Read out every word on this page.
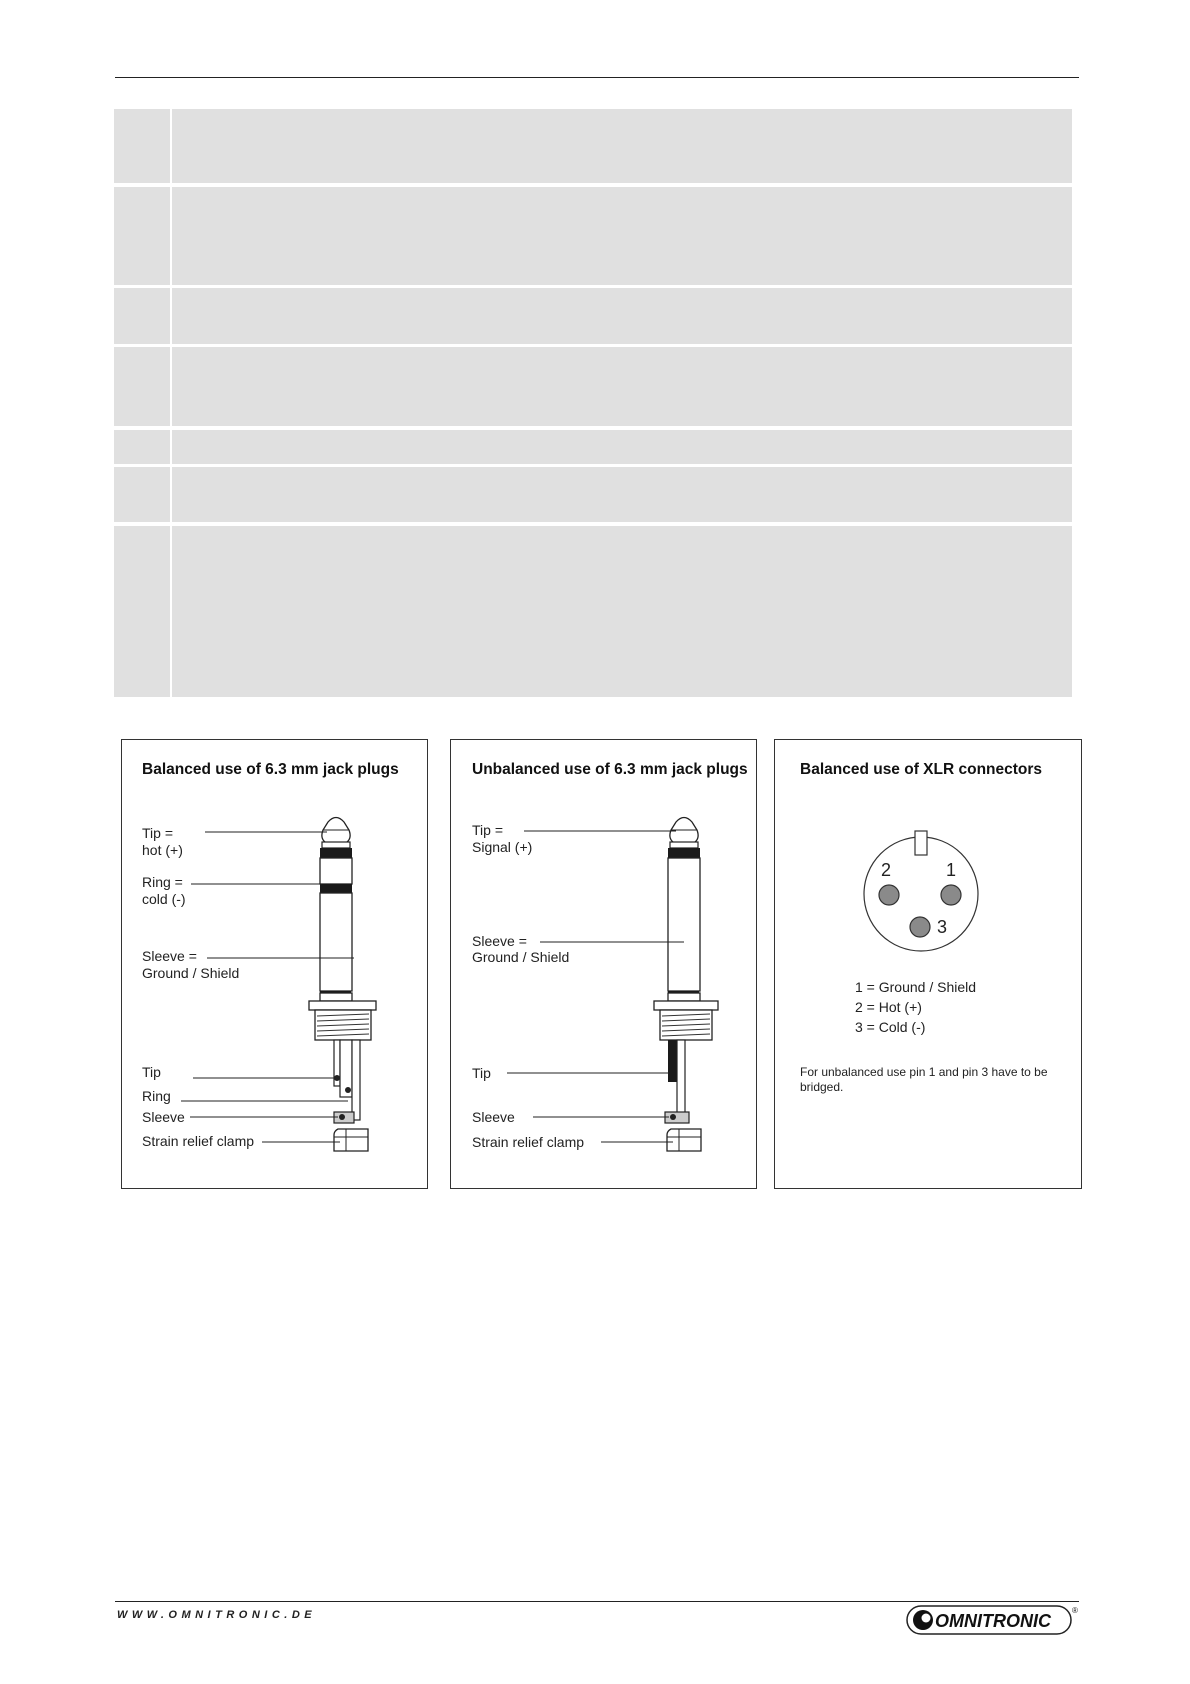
Balanced use of 6.3 mm jack plugs
Tip =
hot (+)
Ring =
cold (-)
Sleeve =
Ground / Shield
Tip
Ring
Sleeve
Strain relief clamp
Unbalanced use of 6.3 mm jack plugs
Tip =
Signal (+)
Sleeve =
Ground / Shield
Tip
Sleeve
Strain relief clamp
Balanced use of XLR connectors
2	1
3
1 = Ground / Shield
2 = Hot (+)
3 = Cold (-)
For unbalanced use pin 1 and pin 3 have to be
bridged.
WWW.OMNITRONIC.DE	OMNITRONIC
®
